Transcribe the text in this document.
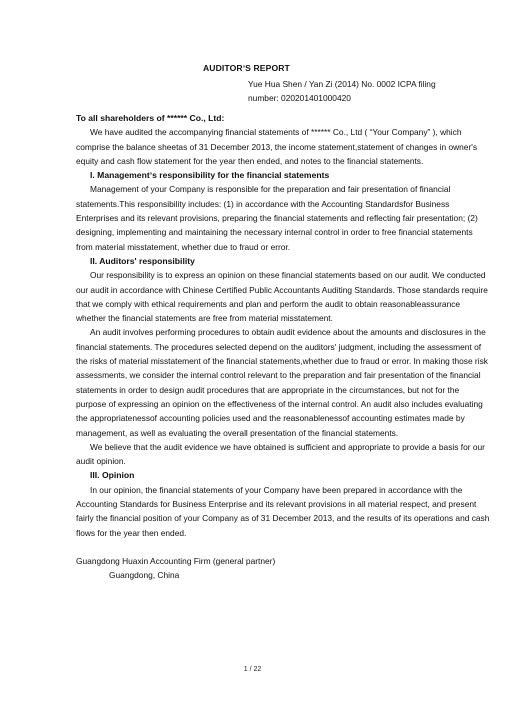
AUDITORʼS REPORT
Yue Hua Shen / Yan Zi (2014) No. 0002 ICPA filing
number: 020201401000420

To all shareholders of ****** Co., Ltd:

We have audited the accompanying financial statements of ****** Co., Ltd ( “Your Company” ), which comprise the balance sheetas of 31 December 2013, the income statement,statement of changes in owner's equity and cash flow statement for the year then ended, and notes to the financial statements.

I. Managementʼs responsibility for the financial statements

Management of your Company is responsible for the preparation and fair presentation of financial statements.This responsibility includes: (1) in accordance with the Accounting Standardsfor Business Enterprises and its relevant provisions, preparing the financial statements and reflecting fair presentation; (2) designing, implementing and maintaining the necessary internal control in order to free financial statements from material misstatement, whether due to fraud or error.

II. Auditors' responsibility

Our responsibility is to express an opinion on these financial statements based on our audit. We conducted our audit in accordance with Chinese Certified Public Accountants Auditing Standards. Those standards require that we comply with ethical requirements and plan and perform the audit to obtain reasonableassurance whether the financial statements are free from material misstatement.

An audit involves performing procedures to obtain audit evidence about the amounts and disclosures in the financial statements. The procedures selected depend on the auditors' judgment, including the assessment of the risks of material misstatement of the financial statements,whether due to fraud or error. In making those risk assessments, we consider the internal control relevant to the preparation and fair presentation of the financial statements in order to design audit procedures that are appropriate in the circumstances, but not for the purpose of expressing an opinion on the effectiveness of the internal control. An audit also includes evaluating the appropriatenessof accounting policies used and the reasonablenessof accounting estimates made by management, as well as evaluating the overall presentation of the financial statements.

We believe that the audit evidence we have obtained is sufficient and appropriate to provide a basis for our audit opinion.

III. Opinion

In our opinion, the financial statements of your Company have been prepared in accordance with the Accounting Standards for Business Enterprise and its relevant provisions in all material respect, and present fairly the financial position of your Company as of 31 December 2013, and the results of its operations and cash flows for the year then ended.

Guangdong Huaxin Accounting Firm (general partner)

Guangdong, China

1 / 22
